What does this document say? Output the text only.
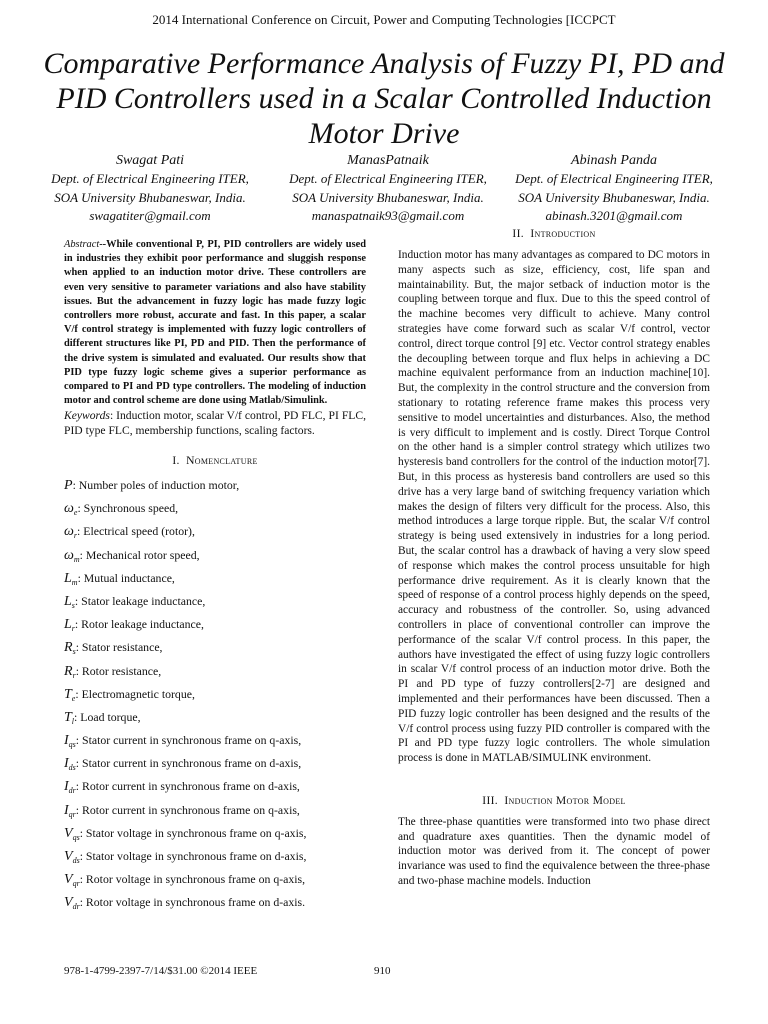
2014 International Conference on Circuit, Power and Computing Technologies [ICCPCT
Comparative Performance Analysis of Fuzzy PI, PD and PID Controllers used in a Scalar Controlled Induction Motor Drive
Swagat Pati
Dept. of Electrical Engineering ITER,
SOA University Bhubaneswar, India.
swagatiter@gmail.com
ManasPatnaik
Dept. of Electrical Engineering ITER,
SOA University Bhubaneswar, India.
manaspatnaik93@gmail.com
Abinash Panda
Dept. of Electrical Engineering ITER,
SOA University Bhubaneswar, India.
abinash.3201@gmail.com
Abstract--While conventional P, PI, PID controllers are widely used in industries they exhibit poor performance and sluggish response when applied to an induction motor drive. These controllers are even very sensitive to parameter variations and also have stability issues. But the advancement in fuzzy logic has made fuzzy logic controllers more robust, accurate and fast. In this paper, a scalar V/f control strategy is implemented with fuzzy logic controllers of different structures like PI, PD and PID. Then the performance of the drive system is simulated and evaluated. Our results show that PID type fuzzy logic scheme gives a superior performance as compared to PI and PD type controllers. The modeling of induction motor and control scheme are done using Matlab/Simulink.
Keywords: Induction motor, scalar V/f control, PD FLC, PI FLC, PID type FLC, membership functions, scaling factors.
I. Nomenclature
P: Number poles of induction motor,
$\omega_e$: Synchronous speed,
$\omega_r$: Electrical speed (rotor),
$\omega_m$: Mechanical rotor speed,
$L_m$: Mutual inductance,
$L_s$: Stator leakage inductance,
$L_r$: Rotor leakage inductance,
$R_s$: Stator resistance,
$R_r$: Rotor resistance,
$T_e$: Electromagnetic torque,
$T_l$: Load torque,
$I_{qs}$: Stator current in synchronous frame on q-axis,
$I_{ds}$: Stator current in synchronous frame on d-axis,
$I_{dr}$: Rotor current in synchronous frame on d-axis,
$I_{qr}$: Rotor current in synchronous frame on q-axis,
$V_{qs}$: Stator voltage in synchronous frame on q-axis,
$V_{ds}$: Stator voltage in synchronous frame on d-axis,
$V_{qr}$: Rotor voltage in synchronous frame on q-axis,
$V_{dr}$: Rotor voltage in synchronous frame on d-axis.
II. Introduction
Induction motor has many advantages as compared to DC motors in many aspects such as size, efficiency, cost, life span and maintainability. But, the major setback of induction motor is the coupling between torque and flux. Due to this the speed control of the machine becomes very difficult to achieve. Many control strategies have come forward such as scalar V/f control, vector control, direct torque control [9] etc. Vector control strategy enables the decoupling between torque and flux helps in achieving a DC machine equivalent performance from an induction machine[10]. But, the complexity in the control structure and the conversion from stationary to rotating reference frame makes this process very sensitive to model uncertainties and disturbances. Also, the method is very difficult to implement and is costly. Direct Torque Control on the other hand is a simpler control strategy which utilizes two hysteresis band controllers for the control of the induction motor[7]. But, in this process as hysteresis band controllers are used so this drive has a very large band of switching frequency variation which makes the design of filters very difficult for the process. Also, this method introduces a large torque ripple. But, the scalar V/f control strategy is being used extensively in industries for a long period. But, the scalar control has a drawback of having a very slow speed of response which makes the control process unsuitable for high performance drive requirement. As it is clearly known that the speed of response of a control process highly depends on the speed, accuracy and robustness of the controller. So, using advanced controllers in place of conventional controller can improve the performance of the scalar V/f control process. In this paper, the authors have investigated the effect of using fuzzy logic controllers in scalar V/f control process of an induction motor drive. Both the PI and PD type of fuzzy controllers[2-7] are designed and implemented and their performances have been discussed. Then a PID fuzzy logic controller has been designed and the results of the V/f control process using fuzzy PID controller is compared with the PI and PD type fuzzy logic controllers. The whole simulation process is done in MATLAB/SIMULINK environment.
III. Induction Motor Model
The three-phase quantities were transformed into two phase direct and quadrature axes quantities. Then the dynamic model of induction motor was derived from it. The concept of power invariance was used to find the equivalence between the three-phase and two-phase machine models. Induction
978-1-4799-2397-7/14/$31.00 ©2014 IEEE	910
